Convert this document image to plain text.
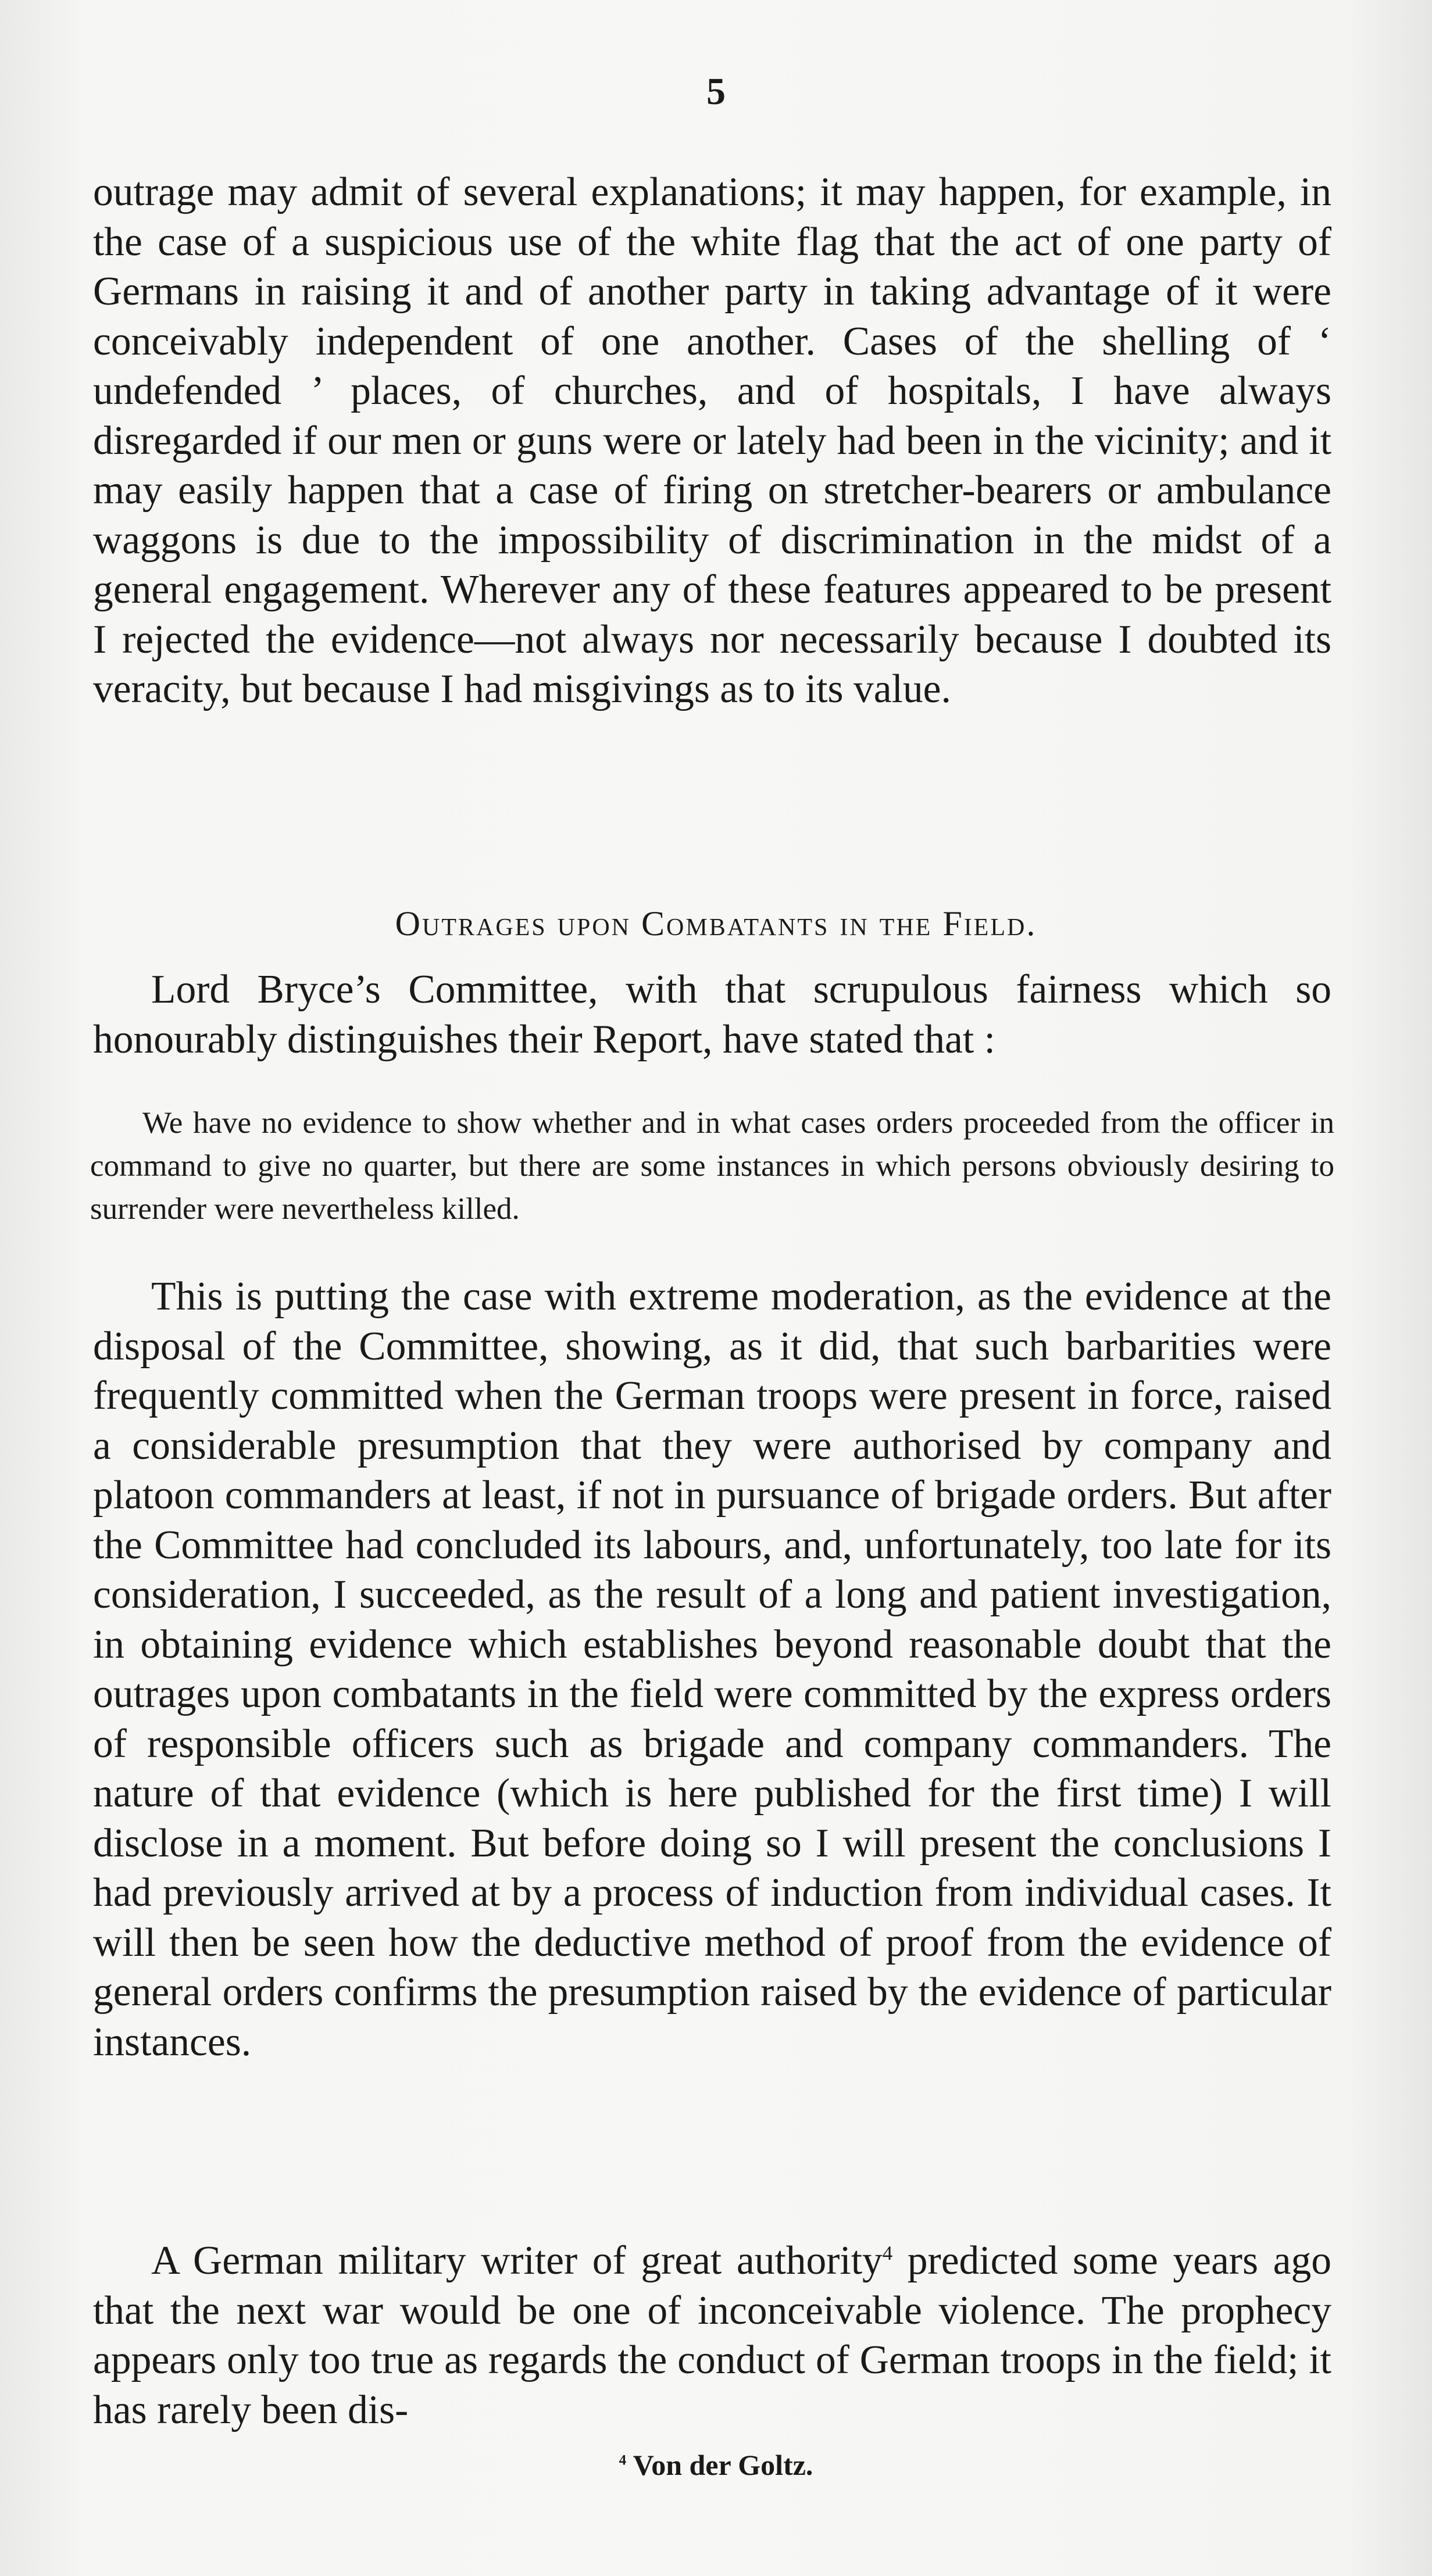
5

outrage may admit of several explanations; it may happen, for example, in the case of a suspicious use of the white flag that the act of one party of Germans in raising it and of another party in taking advantage of it were conceivably independent of one another. Cases of the shelling of ‘ undefended ’ places, of churches, and of hospitals, I have always disregarded if our men or guns were or lately had been in the vicinity; and it may easily happen that a case of firing on stretcher-bearers or ambulance waggons is due to the impossibility of discrimination in the midst of a general engagement. Wherever any of these features appeared to be present I rejected the evidence—not always nor necessarily because I doubted its veracity, but because I had misgivings as to its value.

Outrages upon Combatants in the Field.

Lord Bryce’s Committee, with that scrupulous fairness which so honourably distinguishes their Report, have stated that :

We have no evidence to show whether and in what cases orders proceeded from the officer in command to give no quarter, but there are some instances in which persons obviously desiring to surrender were nevertheless killed.

This is putting the case with extreme moderation, as the evidence at the disposal of the Committee, showing, as it did, that such barbarities were frequently committed when the German troops were present in force, raised a considerable presumption that they were authorised by company and platoon commanders at least, if not in pursuance of brigade orders. But after the Committee had concluded its labours, and, unfortunately, too late for its consideration, I succeeded, as the result of a long and patient investigation, in obtaining evidence which establishes beyond reasonable doubt that the outrages upon combatants in the field were committed by the express orders of responsible officers such as brigade and company commanders. The nature of that evidence (which is here published for the first time) I will disclose in a moment. But before doing so I will present the conclusions I had previously arrived at by a process of induction from individual cases. It will then be seen how the deductive method of proof from the evidence of general orders confirms the presumption raised by the evidence of particular instances.

A German military writer of great authority$^4$ predicted some years ago that the next war would be one of inconceivable violence. The prophecy appears only too true as regards the conduct of German troops in the field; it has rarely been dis-

$^4$ Von der Goltz.
